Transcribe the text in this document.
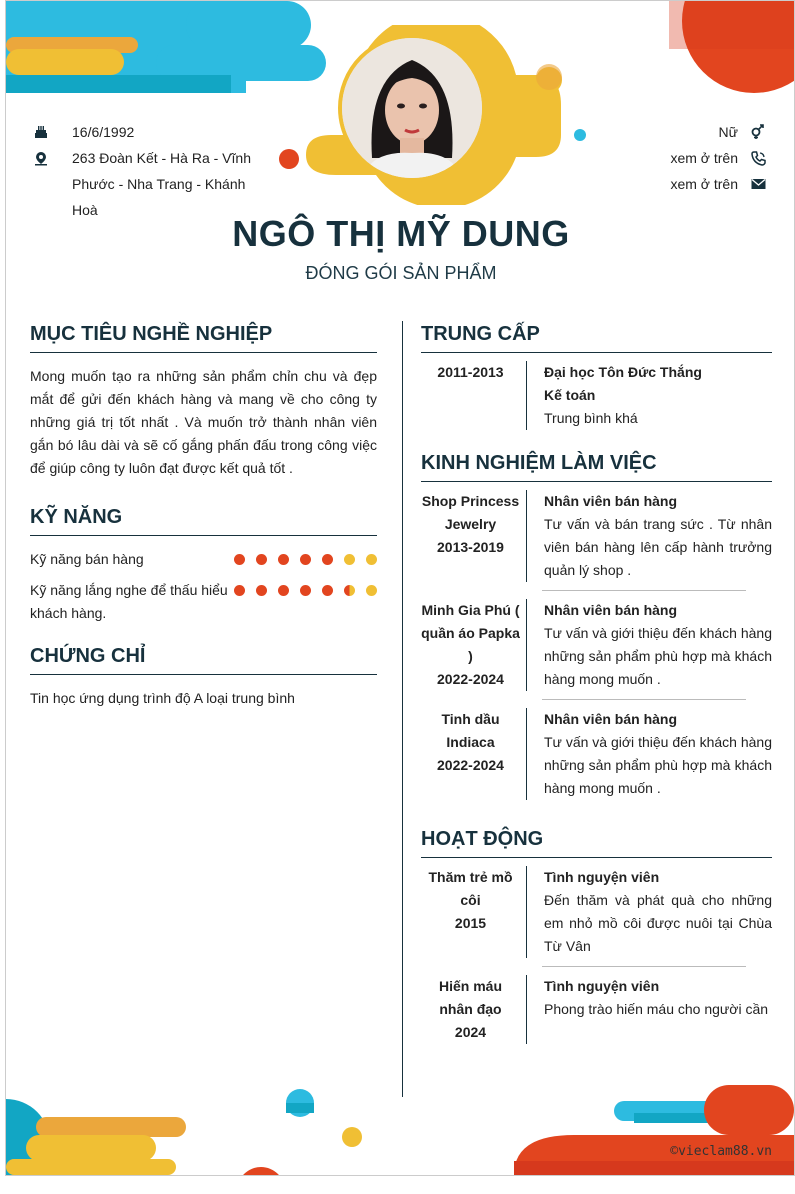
16/6/1992
263 Đoàn Kết - Hà Ra - Vĩnh Phước - Nha Trang - Khánh Hoà
Nữ
xem ở trên
xem ở trên
NGÔ THỊ MỸ DUNG
ĐÓNG GÓI SẢN PHẨM
MỤC TIÊU NGHỀ NGHIỆP
Mong muốn tạo ra những sản phẩm chỉn chu và đẹp mắt để gửi đến khách hàng và mang về cho công ty những giá trị tốt nhất . Và muốn trở thành nhân viên gắn bó lâu dài và sẽ cố gắng phấn đấu trong công việc để giúp công ty luôn đạt được kết quả tốt .
KỸ NĂNG
Kỹ năng bán hàng
Kỹ năng lắng nghe để thấu hiểu khách hàng.
CHỨNG CHỈ
Tin học ứng dụng trình độ A loại trung bình
TRUNG CẤP
2011-2013	Đại học Tôn Đức Thắng
Kế toán
Trung bình khá
KINH NGHIỆM LÀM VIỆC
Shop Princess Jewelry
2013-2019
Nhân viên bán hàng
Tư vấn và bán trang sức . Từ nhân viên bán hàng lên cấp hành trưởng quản lý shop .
Minh Gia Phú ( quần áo Papka )
2022-2024
Nhân viên bán hàng
Tư vấn và giới thiệu đến khách hàng những sản phẩm phù hợp mà khách hàng mong muốn .
Tinh dầu Indiaca
2022-2024
Nhân viên bán hàng
Tư vấn và giới thiệu đến khách hàng những sản phẩm phù hợp mà khách hàng mong muốn .
HOẠT ĐỘNG
Thăm trẻ mồ côi
2015
Tình nguyện viên
Đến thăm và phát quà cho những em nhỏ mồ côi được nuôi tại Chùa Từ Vân
Hiến máu nhân đạo
2024
Tình nguyện viên
Phong trào hiến máu cho người cần
©vieclam88.vn
